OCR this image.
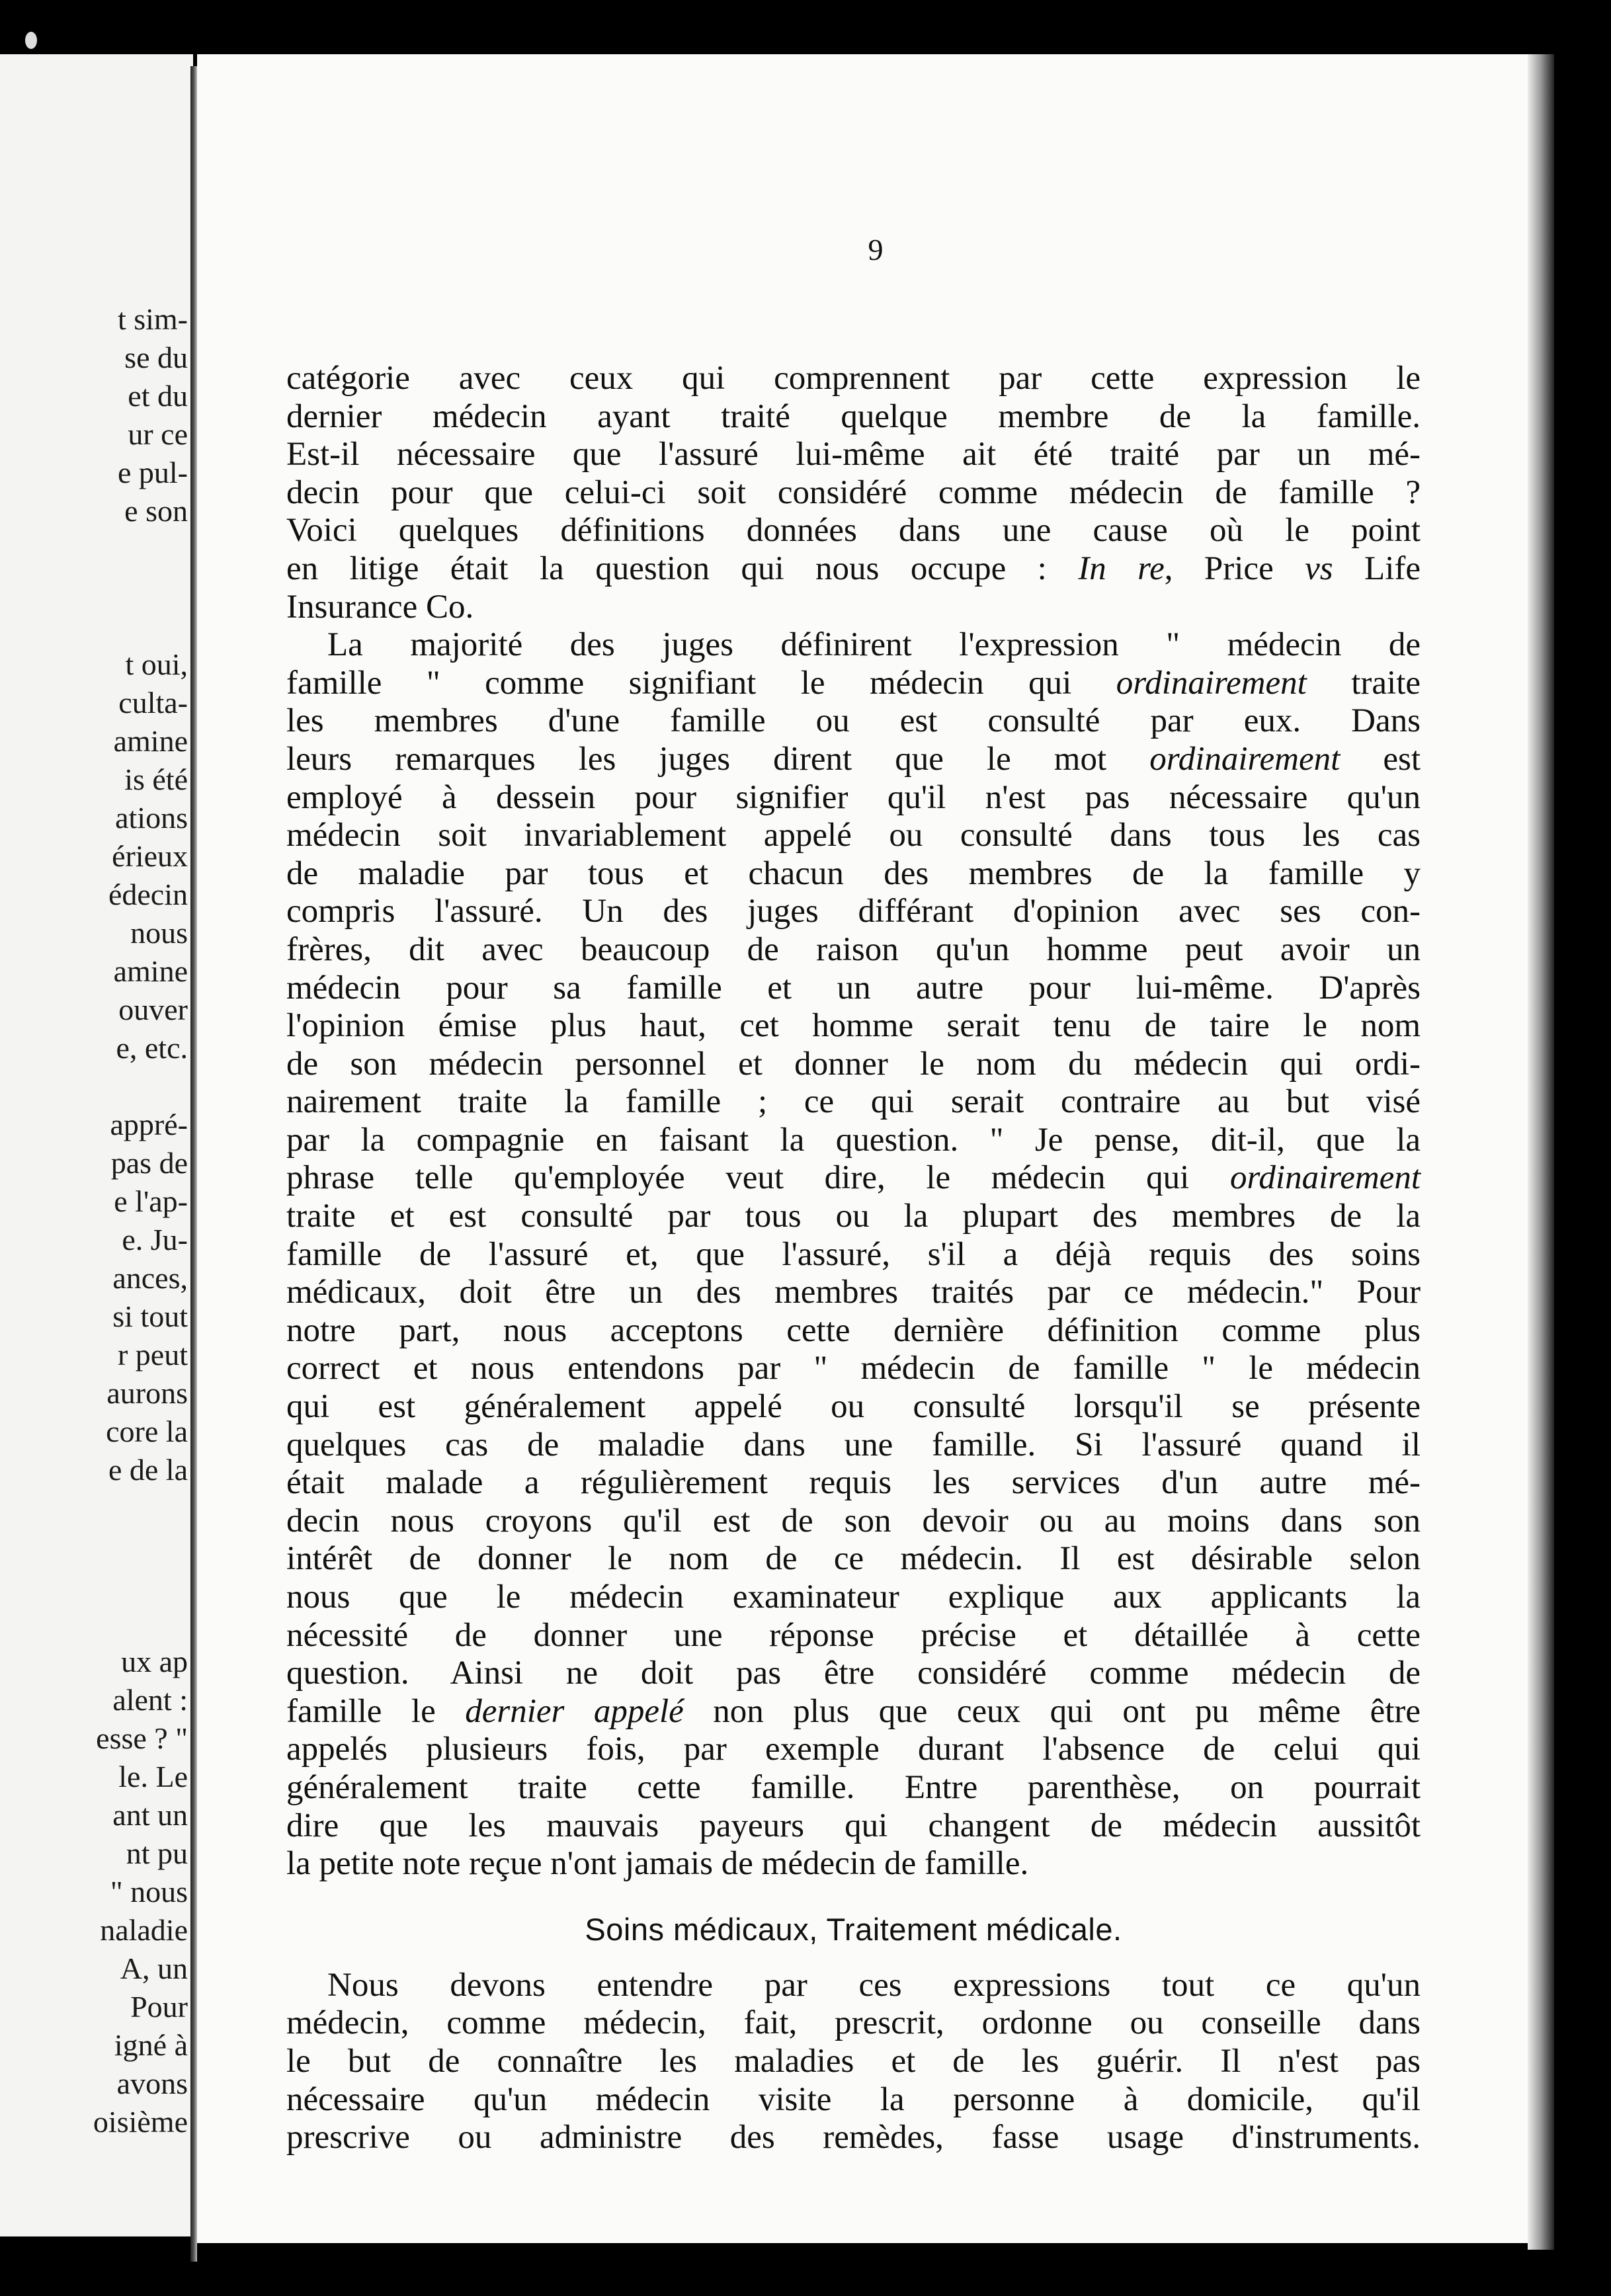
t sim-
se du
et du
ur ce
e pul-
e son
t oui,
culta-
amine
is été
ations
érieux
édecin
nous
amine
ouver
e, etc.
appré-
pas de
e l'ap-
e. Ju-
ances,
si tout
r peut
aurons
core la
e de la
ux ap
alent :
esse ? "
le. Le
ant un
nt pu
" nous
naladie
A, un
Pour
igné à
avons
oisième
9

catégorie avec ceux qui comprennent par cette expression le

dernier médecin ayant traité quelque membre de la famille.

Est-il nécessaire que l'assuré lui-même ait été traité par un mé-

decin pour que celui-ci soit considéré comme médecin de famille ?

Voici quelques définitions données dans une cause où le point

en litige était la question qui nous occupe : In re, Price vs Life

Insurance Co.

La majorité des juges définirent l'expression " médecin de

famille " comme signifiant le médecin qui ordinairement traite

les membres d'une famille ou est consulté par eux. Dans

leurs remarques les juges dirent que le mot ordinairement est

employé à dessein pour signifier qu'il n'est pas nécessaire qu'un

médecin soit invariablement appelé ou consulté dans tous les cas

de maladie par tous et chacun des membres de la famille y

compris l'assuré. Un des juges différant d'opinion avec ses con-

frères, dit avec beaucoup de raison qu'un homme peut avoir un

médecin pour sa famille et un autre pour lui-même. D'après

l'opinion émise plus haut, cet homme serait tenu de taire le nom

de son médecin personnel et donner le nom du médecin qui ordi-

nairement traite la famille ; ce qui serait contraire au but visé

par la compagnie en faisant la question. " Je pense, dit-il, que la

phrase telle qu'employée veut dire, le médecin qui ordinairement

traite et est consulté par tous ou la plupart des membres de la

famille de l'assuré et, que l'assuré, s'il a déjà requis des soins

médicaux, doit être un des membres traités par ce médecin." Pour

notre part, nous acceptons cette dernière définition comme plus

correct et nous entendons par " médecin de famille " le médecin

qui est généralement appelé ou consulté lorsqu'il se présente

quelques cas de maladie dans une famille. Si l'assuré quand il

était malade a régulièrement requis les services d'un autre mé-

decin nous croyons qu'il est de son devoir ou au moins dans son

intérêt de donner le nom de ce médecin. Il est désirable selon

nous que le médecin examinateur explique aux applicants la

nécessité de donner une réponse précise et détaillée à cette

question. Ainsi ne doit pas être considéré comme médecin de

famille le dernier appelé non plus que ceux qui ont pu même être

appelés plusieurs fois, par exemple durant l'absence de celui qui

généralement traite cette famille. Entre parenthèse, on pourrait

dire que les mauvais payeurs qui changent de médecin aussitôt

la petite note reçue n'ont jamais de médecin de famille.

Soins médicaux, Traitement médicale.

Nous devons entendre par ces expressions tout ce qu'un

médecin, comme médecin, fait, prescrit, ordonne ou conseille dans

le but de connaître les maladies et de les guérir. Il n'est pas

nécessaire qu'un médecin visite la personne à domicile, qu'il

prescrive ou administre des remèdes, fasse usage d'instruments.
